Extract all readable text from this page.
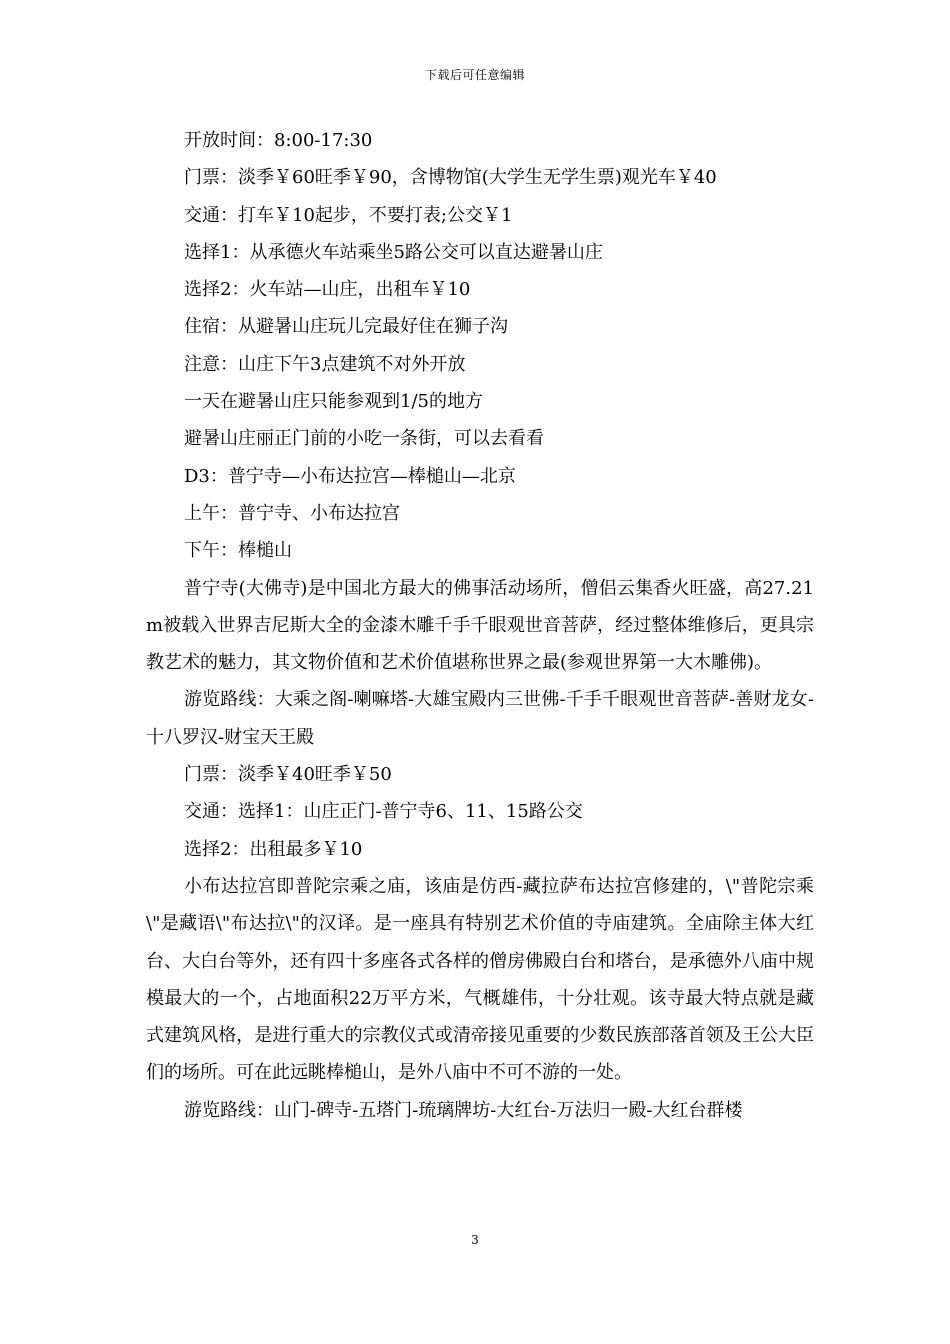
下载后可任意编辑
开放时间：8:00-17:30
门票：淡季￥60旺季￥90，含博物馆(大学生无学生票)观光车￥40
交通：打车￥10起步，不要打表;公交￥1
选择1：从承德火车站乘坐5路公交可以直达避暑山庄
选择2：火车站—山庄，出租车￥10
住宿：从避暑山庄玩儿完最好住在狮子沟
注意：山庄下午3点建筑不对外开放
一天在避暑山庄只能参观到1/5的地方
避暑山庄丽正门前的小吃一条街，可以去看看
D3：普宁寺—小布达拉宫—棒槌山—北京
上午：普宁寺、小布达拉宫
下午：棒槌山

普宁寺(大佛寺)是中国北方最大的佛事活动场所，僧侣云集香火旺盛，高27.21m被载入世界吉尼斯大全的金漆木雕千手千眼观世音菩萨，经过整体维修后，更具宗教艺术的魅力，其文物价值和艺术价值堪称世界之最(参观世界第一大木雕佛)。

游览路线：大乘之阁-喇嘛塔-大雄宝殿内三世佛-千手千眼观世音菩萨-善财龙女-十八罗汉-财宝天王殿

门票：淡季￥40旺季￥50
交通：选择1：山庄正门-普宁寺6、11、15路公交
选择2：出租最多￥10

小布达拉宫即普陀宗乘之庙，该庙是仿西-藏拉萨布达拉宫修建的，\"普陀宗乘\"是藏语\"布达拉\"的汉译。是一座具有特别艺术价值的寺庙建筑。全庙除主体大红台、大白台等外，还有四十多座各式各样的僧房佛殿白台和塔台，是承德外八庙中规模最大的一个，占地面积22万平方米，气概雄伟，十分壮观。该寺最大特点就是藏式建筑风格，是进行重大的宗教仪式或清帝接见重要的少数民族部落首领及王公大臣们的场所。可在此远眺棒槌山，是外八庙中不可不游的一处。

游览路线：山门-碑寺-五塔门-琉璃牌坊-大红台-万法归一殿-大红台群楼

3
